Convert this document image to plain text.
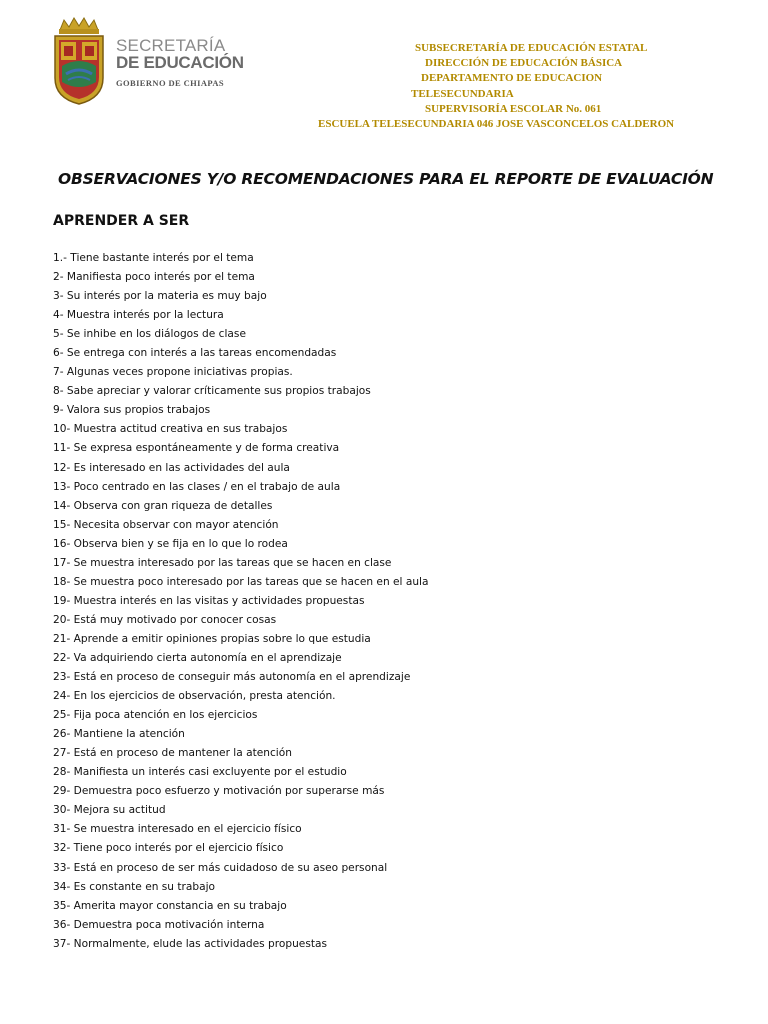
SECRETARÍA
DE EDUCACIÓN
GOBIERNO DE CHIAPAS
SUBSECRETARÍA DE EDUCACIÓN ESTATAL
DIRECCIÓN DE EDUCACIÓN BÁSICA
DEPARTAMENTO DE EDUCACION
TELESECUNDARIA
SUPERVISORÍA ESCOLAR No. 061
ESCUELA TELESECUNDARIA 046 JOSE VASCONCELOS CALDERON
OBSERVACIONES Y/O RECOMENDACIONES PARA EL REPORTE DE EVALUACIÓN
APRENDER A SER
1.- Tiene bastante interés por el tema
2- Manifiesta poco interés por el tema
3- Su interés por la materia es muy bajo
4- Muestra interés por la lectura
5- Se inhibe en los diálogos de clase
6- Se entrega con interés a las tareas encomendadas
7- Algunas veces propone iniciativas propias.
8- Sabe apreciar y valorar críticamente sus propios trabajos
9- Valora sus propios trabajos
10- Muestra actitud creativa en sus trabajos
11- Se expresa espontáneamente y de forma creativa
12- Es interesado en las actividades del aula
13- Poco centrado en las clases / en el trabajo de aula
14- Observa con gran riqueza de detalles
15- Necesita observar con mayor atención
16- Observa bien y se fija en lo que lo rodea
17- Se muestra interesado por las tareas que se hacen en clase
18- Se muestra poco interesado por las tareas que se hacen en el aula
19- Muestra interés en las visitas y actividades propuestas
20- Está muy motivado por conocer cosas
21- Aprende a emitir opiniones propias sobre lo que estudia
22- Va adquiriendo cierta autonomía en el aprendizaje
23- Está en proceso de conseguir más autonomía en el aprendizaje
24- En los ejercicios de observación, presta atención.
25- Fija poca atención en los ejercicios
26- Mantiene la atención
27- Está en proceso de mantener la atención
28- Manifiesta un interés casi excluyente por el estudio
29- Demuestra poco esfuerzo y motivación por superarse más
30- Mejora su actitud
31- Se muestra interesado en el ejercicio físico
32- Tiene poco interés por el ejercicio físico
33- Está en proceso de ser más cuidadoso de su aseo personal
34- Es constante en su trabajo
35- Amerita mayor constancia en su trabajo
36- Demuestra poca motivación interna
37- Normalmente, elude las actividades propuestas
